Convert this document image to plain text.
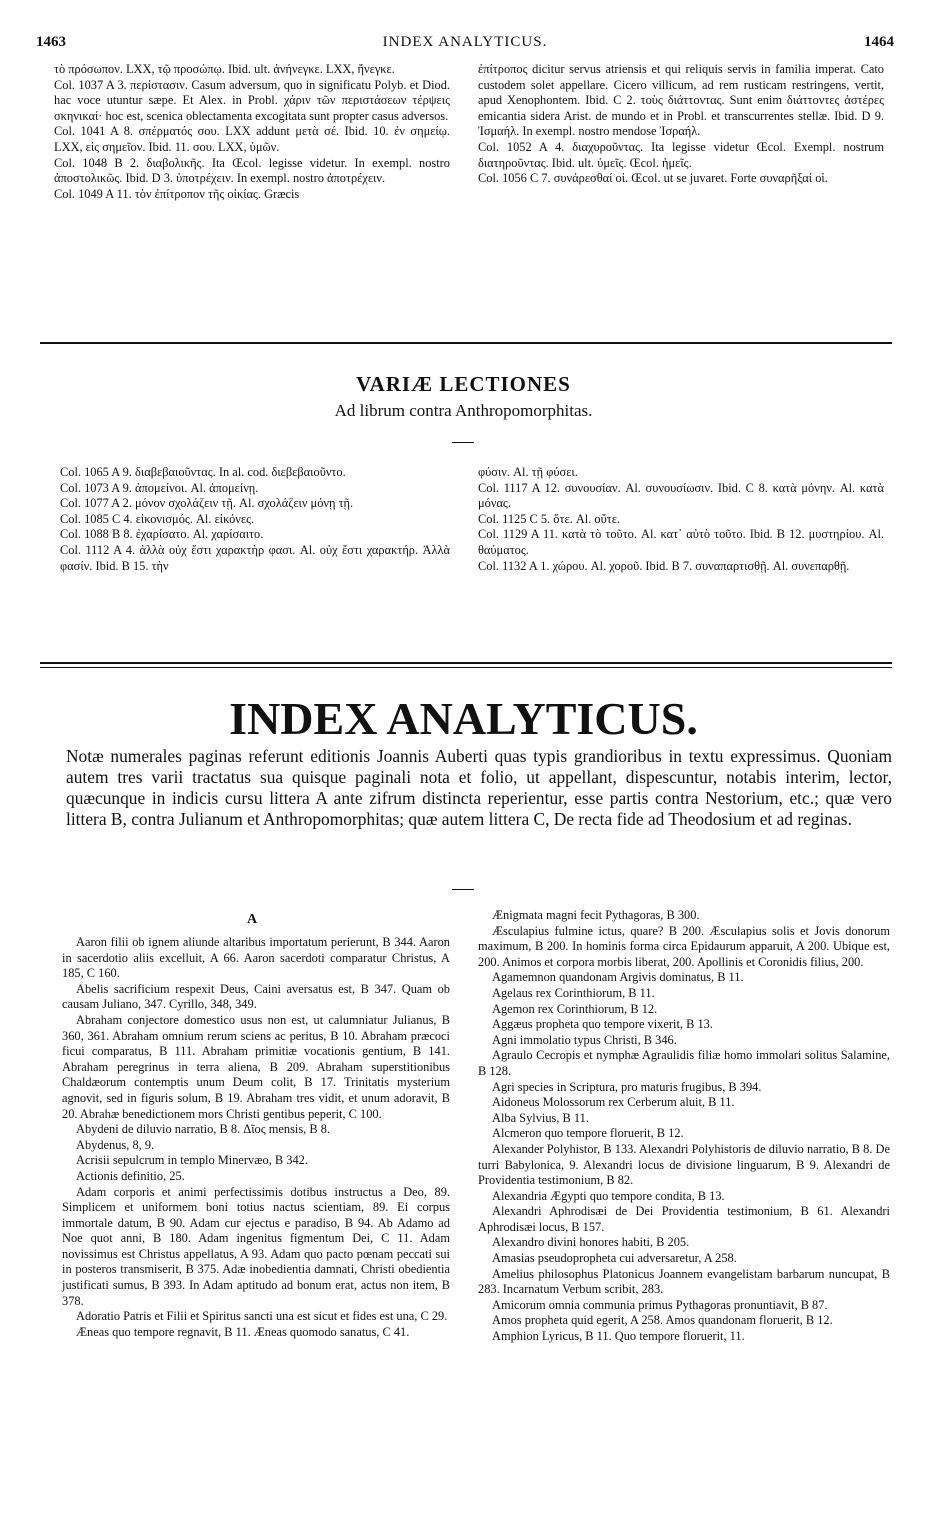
1463	INDEX ANALYTICUS.	1464

τὸ πρόσωπον. LXX, τῷ προσώπῳ. Ibid. ult. ἀνήνεγκε. LXX, ἤνεγκε.

Col. 1037 A 3. περίστασιν. Casum adversum, quo in significatu Polyb. et Diod. hac voce utuntur sæpe. Et Alex. in Probl. χάριν τῶν περιστάσεων τέρψεις σκηνικαί· hoc est, scenica oblectamenta excogitata sunt propter casus adversos.

Col. 1041 A 8. σπέρματός σου. LXX addunt μετὰ σέ. Ibid. 10. ἐν σημείῳ. LXX, εἰς σημεῖον. Ibid. 11. σου. LXX, ὑμῶν.

Col. 1048 B 2. διαβολικῆς. Ita Œcol. legisse videtur. In exempl. nostro ἀποστολικῶς. Ibid. D 3. ὑποτρέχειν. In exempl. nostro ἀποτρέχειν.

Col. 1049 A 11. τὸν ἐπίτροπον τῆς οἰκίας. Græcis

ἐπίτροπος dicitur servus atriensis et qui reliquis servis in familia imperat. Cato custodem solet appellare. Cicero villicum, ad rem rusticam restringens, vertit, apud Xenophontem. Ibid. C 2. τοὺς διάττοντας. Sunt enim διάττοντες ἀστέρες emicantia sidera Arist. de mundo et in Probl. et transcurrentes stellæ. Ibid. D 9. Ἰσμαήλ. In exempl. nostro mendose Ἰσραήλ.

Col. 1052 A 4. διαχυροῦντας. Ita legisse videtur Œcol. Exempl. nostrum διατηροῦντας. Ibid. ult. ὑμεῖς. Œcol. ἡμεῖς.

Col. 1056 C 7. συνάρεσθαί οἱ. Œcol. ut se juvaret. Forte συναρῆξαί οἱ.

VARIÆ LECTIONES
Ad librum contra Anthropomorphitas.

Col. 1065 A 9. διαβεβαιοῦντας. In al. cod. διεβεβαιοῦντο.

Col. 1073 A 9. ἀπομείνοι. Al. ἀπομείνῃ.

Col. 1077 A 2. μόνον σχολάζειν τῇ. Al. σχολάζειν μόνῃ τῇ.

Col. 1085 C 4. εἰκονισμός. Al. εἰκόνες.

Col. 1088 B 8. ἐχαρίσατο. Al. χαρίσαιτο.

Col. 1112 A 4. ἀλλὰ οὐχ ἔστι χαρακτὴρ φασι. Al. οὐχ ἔστι χαρακτήρ. Ἀλλὰ φασίν. Ibid. B 15. τὴν

φύσιν. Al. τῇ φύσει.

Col. 1117 A 12. συνουσίαν. Al. συνουσίωσιν. Ibid. C 8. κατὰ μόνην. Al. κατὰ μόνας.

Col. 1125 C 5. ὅτε. Al. οὔτε.

Col. 1129 A 11. κατὰ τὸ τοῦτο. Al. κατ᾽ αὐτὸ τοῦτο. Ibid. B 12. μυστηρίου. Al. θαύματος.

Col. 1132 A 1. χώρου. Al. χοροῦ. Ibid. B 7. συναπαρτισθῇ. Al. συνεπαρθῇ.

INDEX ANALYTICUS.
Notæ numerales paginas referunt editionis Joannis Auberti quas typis grandioribus in textu expressimus. Quoniam autem tres varii tractatus sua quisque paginali nota et folio, ut appellant, dispescuntur, notabis interim, lector, quæcunque in indicis cursu littera A ante zifrum distincta reperientur, esse partis contra Nestorium, etc.; quæ vero littera B, contra Julianum et Anthropomorphitas; quæ autem littera C, De recta fide ad Theodosium et ad reginas.
A

Aaron filii ob ignem aliunde altaribus importatum perierunt, B 344. Aaron in sacerdotio aliis excelluit, A 66. Aaron sacerdoti comparatur Christus, A 185, C 160.

Abelis sacrificium respexit Deus, Caini aversatus est, B 347. Quam ob causam Juliano, 347. Cyrillo, 348, 349.

Abraham conjectore domestico usus non est, ut calumniatur Julianus, B 360, 361. Abraham omnium rerum sciens ac peritus, B 10. Abraham præcoci ficui comparatus, B 111. Abraham primitiæ vocationis gentium, B 141. Abraham peregrinus in terra aliena, B 209. Abraham superstitionibus Chaldæorum contemptis unum Deum colit, B 17. Trinitatis mysterium agnovit, sed in figuris solum, B 19. Abraham tres vidit, et unum adoravit, B 20. Abrahæ benedictionem mors Christi gentibus peperit, C 100.

Abydeni de diluvio narratio, B 8. Δῖος mensis, B 8.

Abydenus, 8, 9.

Acrisii sepulcrum in templo Minervæo, B 342.

Actionis definitio, 25.

Adam corporis et animi perfectissimis dotibus instructus a Deo, 89. Simplicem et uniformem boni totius nactus scientiam, 89. Ei corpus immortale datum, B 90. Adam cur ejectus e paradiso, B 94. Ab Adamo ad Noe quot anni, B 180. Adam ingenitus figmentum Dei, C 11. Adam novissimus est Christus appellatus, A 93. Adam quo pacto pœnam peccati sui in posteros transmiserit, B 375. Adæ inobedientia damnati, Christi obedientia justificati sumus, B 393. In Adam aptitudo ad bonum erat, actus non item, B 378.

Adoratio Patris et Filii et Spiritus sancti una est sicut et fides est una, C 29.

Æneas quo tempore regnavit, B 11. Æneas quomodo sanatus, C 41.

Ænigmata magni fecit Pythagoras, B 300.

Æsculapius fulmine ictus, quare? B 200. Æsculapius solis et Jovis donorum maximum, B 200. In hominis forma circa Epidaurum apparuit, A 200. Ubique est, 200. Animos et corpora morbis liberat, 200. Apollinis et Coronidis filius, 200.

Agamemnon quandonam Argivis dominatus, B 11.

Agelaus rex Corinthiorum, B 11.

Agemon rex Corinthiorum, B 12.

Aggæus propheta quo tempore vixerit, B 13.

Agni immolatio typus Christi, B 346.

Agraulo Cecropis et nymphæ Agraulidis filiæ homo immolari solitus Salamine, B 128.

Agri species in Scriptura, pro maturis frugibus, B 394.

Aidoneus Molossorum rex Cerberum aluit, B 11.

Alba Sylvius, B 11.

Alcmeron quo tempore floruerit, B 12.

Alexander Polyhistor, B 133. Alexandri Polyhistoris de diluvio narratio, B 8. De turri Babylonica, 9. Alexandri locus de divisione linguarum, B 9. Alexandri de Providentia testimonium, B 82.

Alexandria Ægypti quo tempore condita, B 13.

Alexandri Aphrodisæi de Dei Providentia testimonium, B 61. Alexandri Aphrodisæi locus, B 157.

Alexandro divini honores habiti, B 205.

Amasias pseudopropheta cui adversaretur, A 258.

Amelius philosophus Platonicus Joannem evangelistam barbarum nuncupat, B 283. Incarnatum Verbum scribit, 283.

Amicorum omnia communia primus Pythagoras pronuntiavit, B 87.

Amos propheta quid egerit, A 258. Amos quandonam floruerit, B 12.

Amphion Lyricus, B 11. Quo tempore floruerit, 11.
